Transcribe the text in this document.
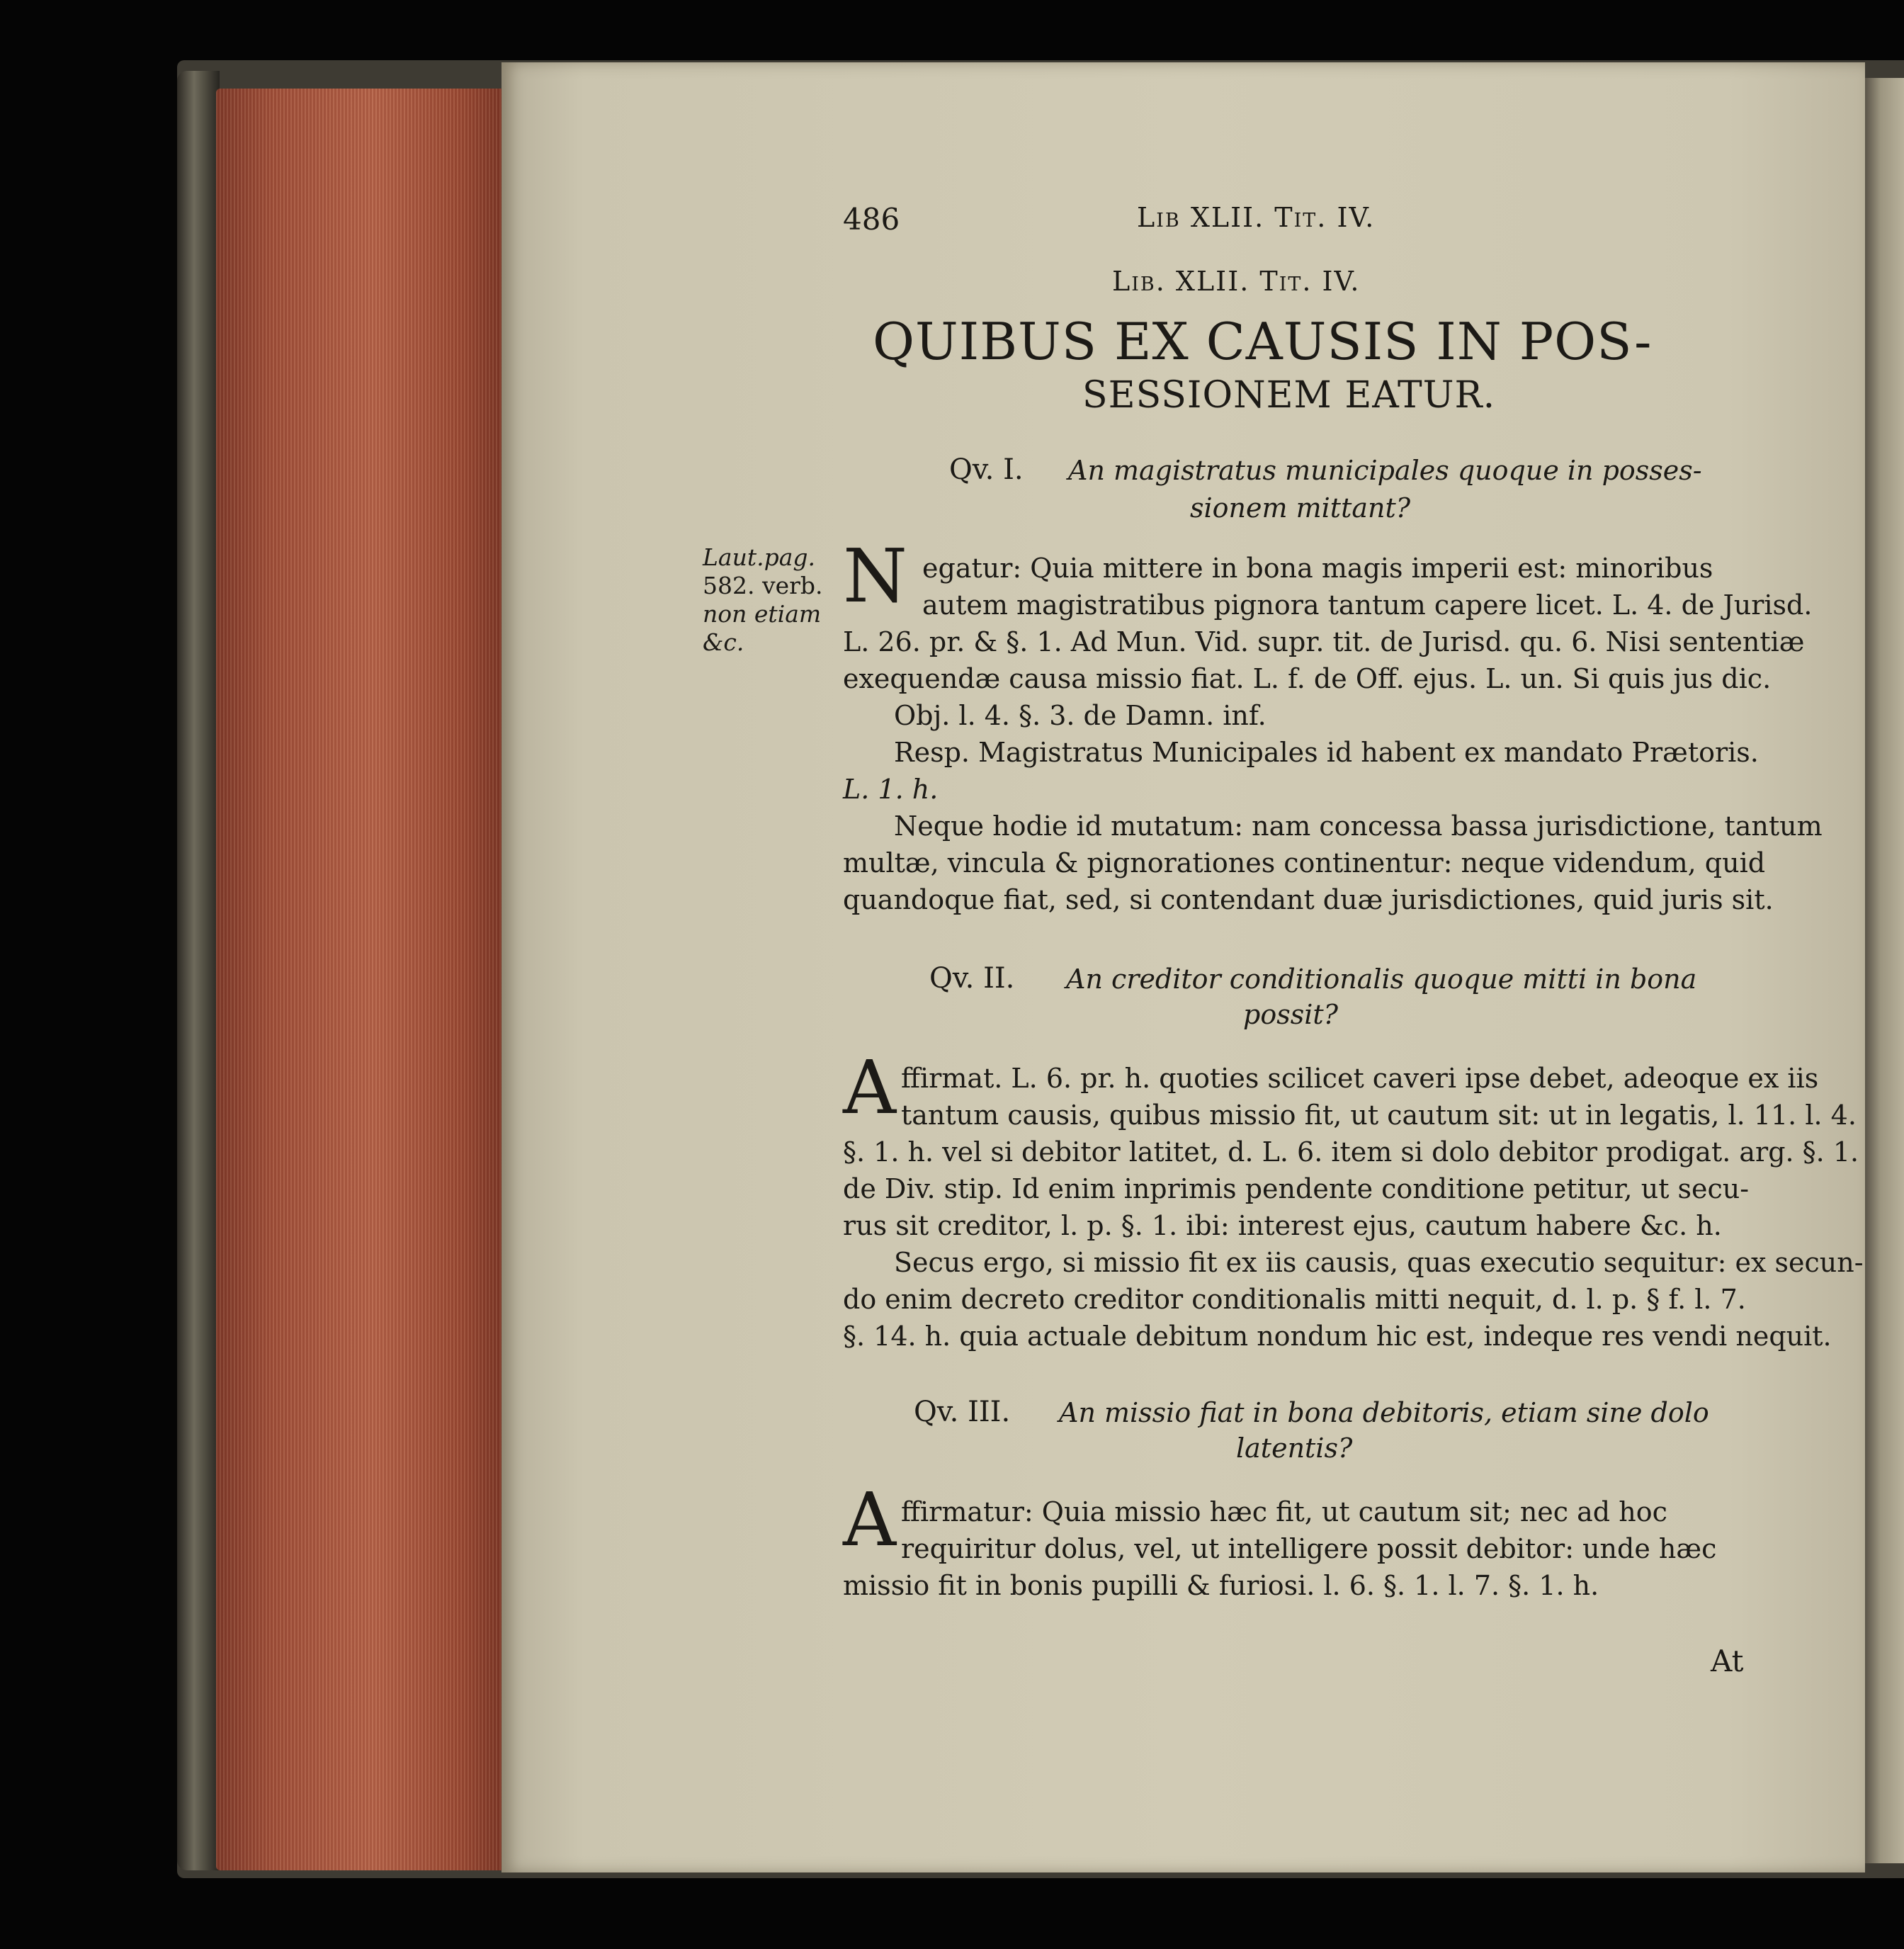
486	Lib XLII. Tit. IV.
Lib. XLII. Tit. IV.
QUIBUS EX CAUSIS IN POS-
SESSIONEM EATUR.
Qv. I. An magistratus municipales quoque in posses-
sionem mittant?
Laut.pag.
582. verb.
non etiam
&c.
N egatur: Quia mittere in bona magis imperii est: minoribus
autem magistratibus pignora tantum capere licet. L. 4. de Jurisd.
L. 26. pr. & §. 1. Ad Mun. Vid. supr. tit. de Jurisd. qu. 6. Nisi sententiæ
exequendæ causa missio fiat. L. f. de Off. ejus. L. un. Si quis jus dic.
Obj. l. 4. §. 3. de Damn. inf.
Resp. Magistratus Municipales id habent ex mandato Prætoris.
L. 1. h.
Neque hodie id mutatum: nam concessa bassa jurisdictione, tantum
multæ, vincula & pignorationes continentur: neque videndum, quid
quandoque fiat, sed, si contendant duæ jurisdictiones, quid juris sit.
Qv. II. An creditor conditionalis quoque mitti in bona
possit?
A ffirmat. L. 6. pr. h. quoties scilicet caveri ipse debet, adeoque ex iis
tantum causis, quibus missio fit, ut cautum sit: ut in legatis, l. 11. l. 4.
§. 1. h. vel si debitor latitet, d. L. 6. item si dolo debitor prodigat. arg. §. 1.
de Div. stip. Id enim inprimis pendente conditione petitur, ut secu-
rus sit creditor, l. p. §. 1. ibi: interest ejus, cautum habere &c. h.
Secus ergo, si missio fit ex iis causis, quas executio sequitur: ex secun-
do enim decreto creditor conditionalis mitti nequit, d. l. p. § f. l. 7.
§. 14. h. quia actuale debitum nondum hic est, indeque res vendi nequit.
Qv. III. An missio fiat in bona debitoris, etiam sine dolo
latentis?
A ffirmatur: Quia missio hæc fit, ut cautum sit; nec ad hoc
requiritur dolus, vel, ut intelligere possit debitor: unde hæc
missio fit in bonis pupilli & furiosi. l. 6. §. 1. l. 7. §. 1. h.
At
